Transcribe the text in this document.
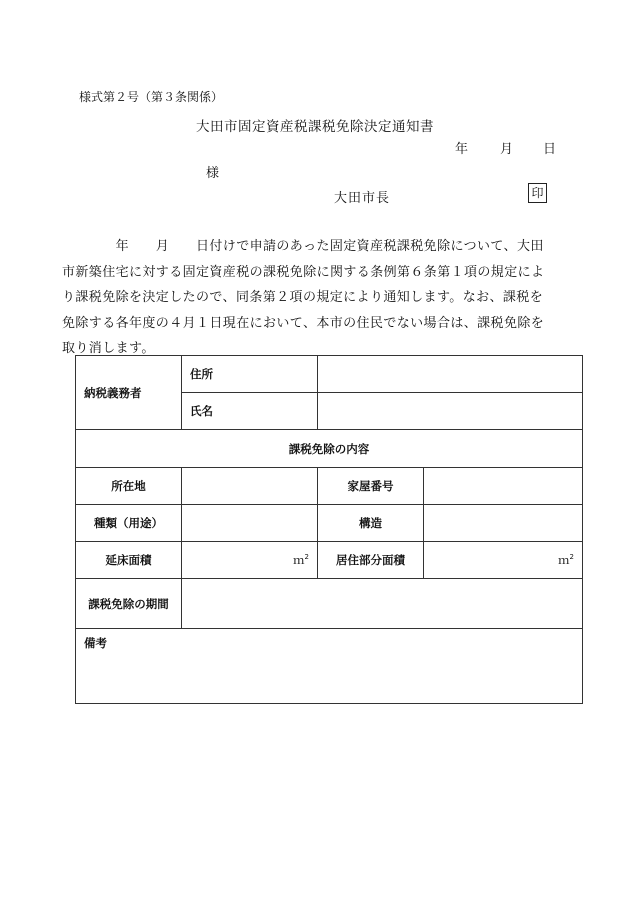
様式第２号（第３条関係）
大田市固定資産税課税免除決定通知書
年 月 日
様
大田市長	印
　　　　年　　月　　日付けで申請のあった固定資産税課税免除について、大田
市新築住宅に対する固定資産税の課税免除に関する条例第６条第１項の規定によ
り課税免除を決定したので、同条第２項の規定により通知します。なお、課税を
免除する各年度の４月１日現在において、本市の住民でない場合は、課税免除を
取り消します。
納税義務者	住所		
	氏名		
課税免除の内容			
所在地		家屋番号	
種類（用途）		構造	
延床面積	ｍ$^2$	居住部分面積	ｍ$^2$
課税免除の期間			
備考			
